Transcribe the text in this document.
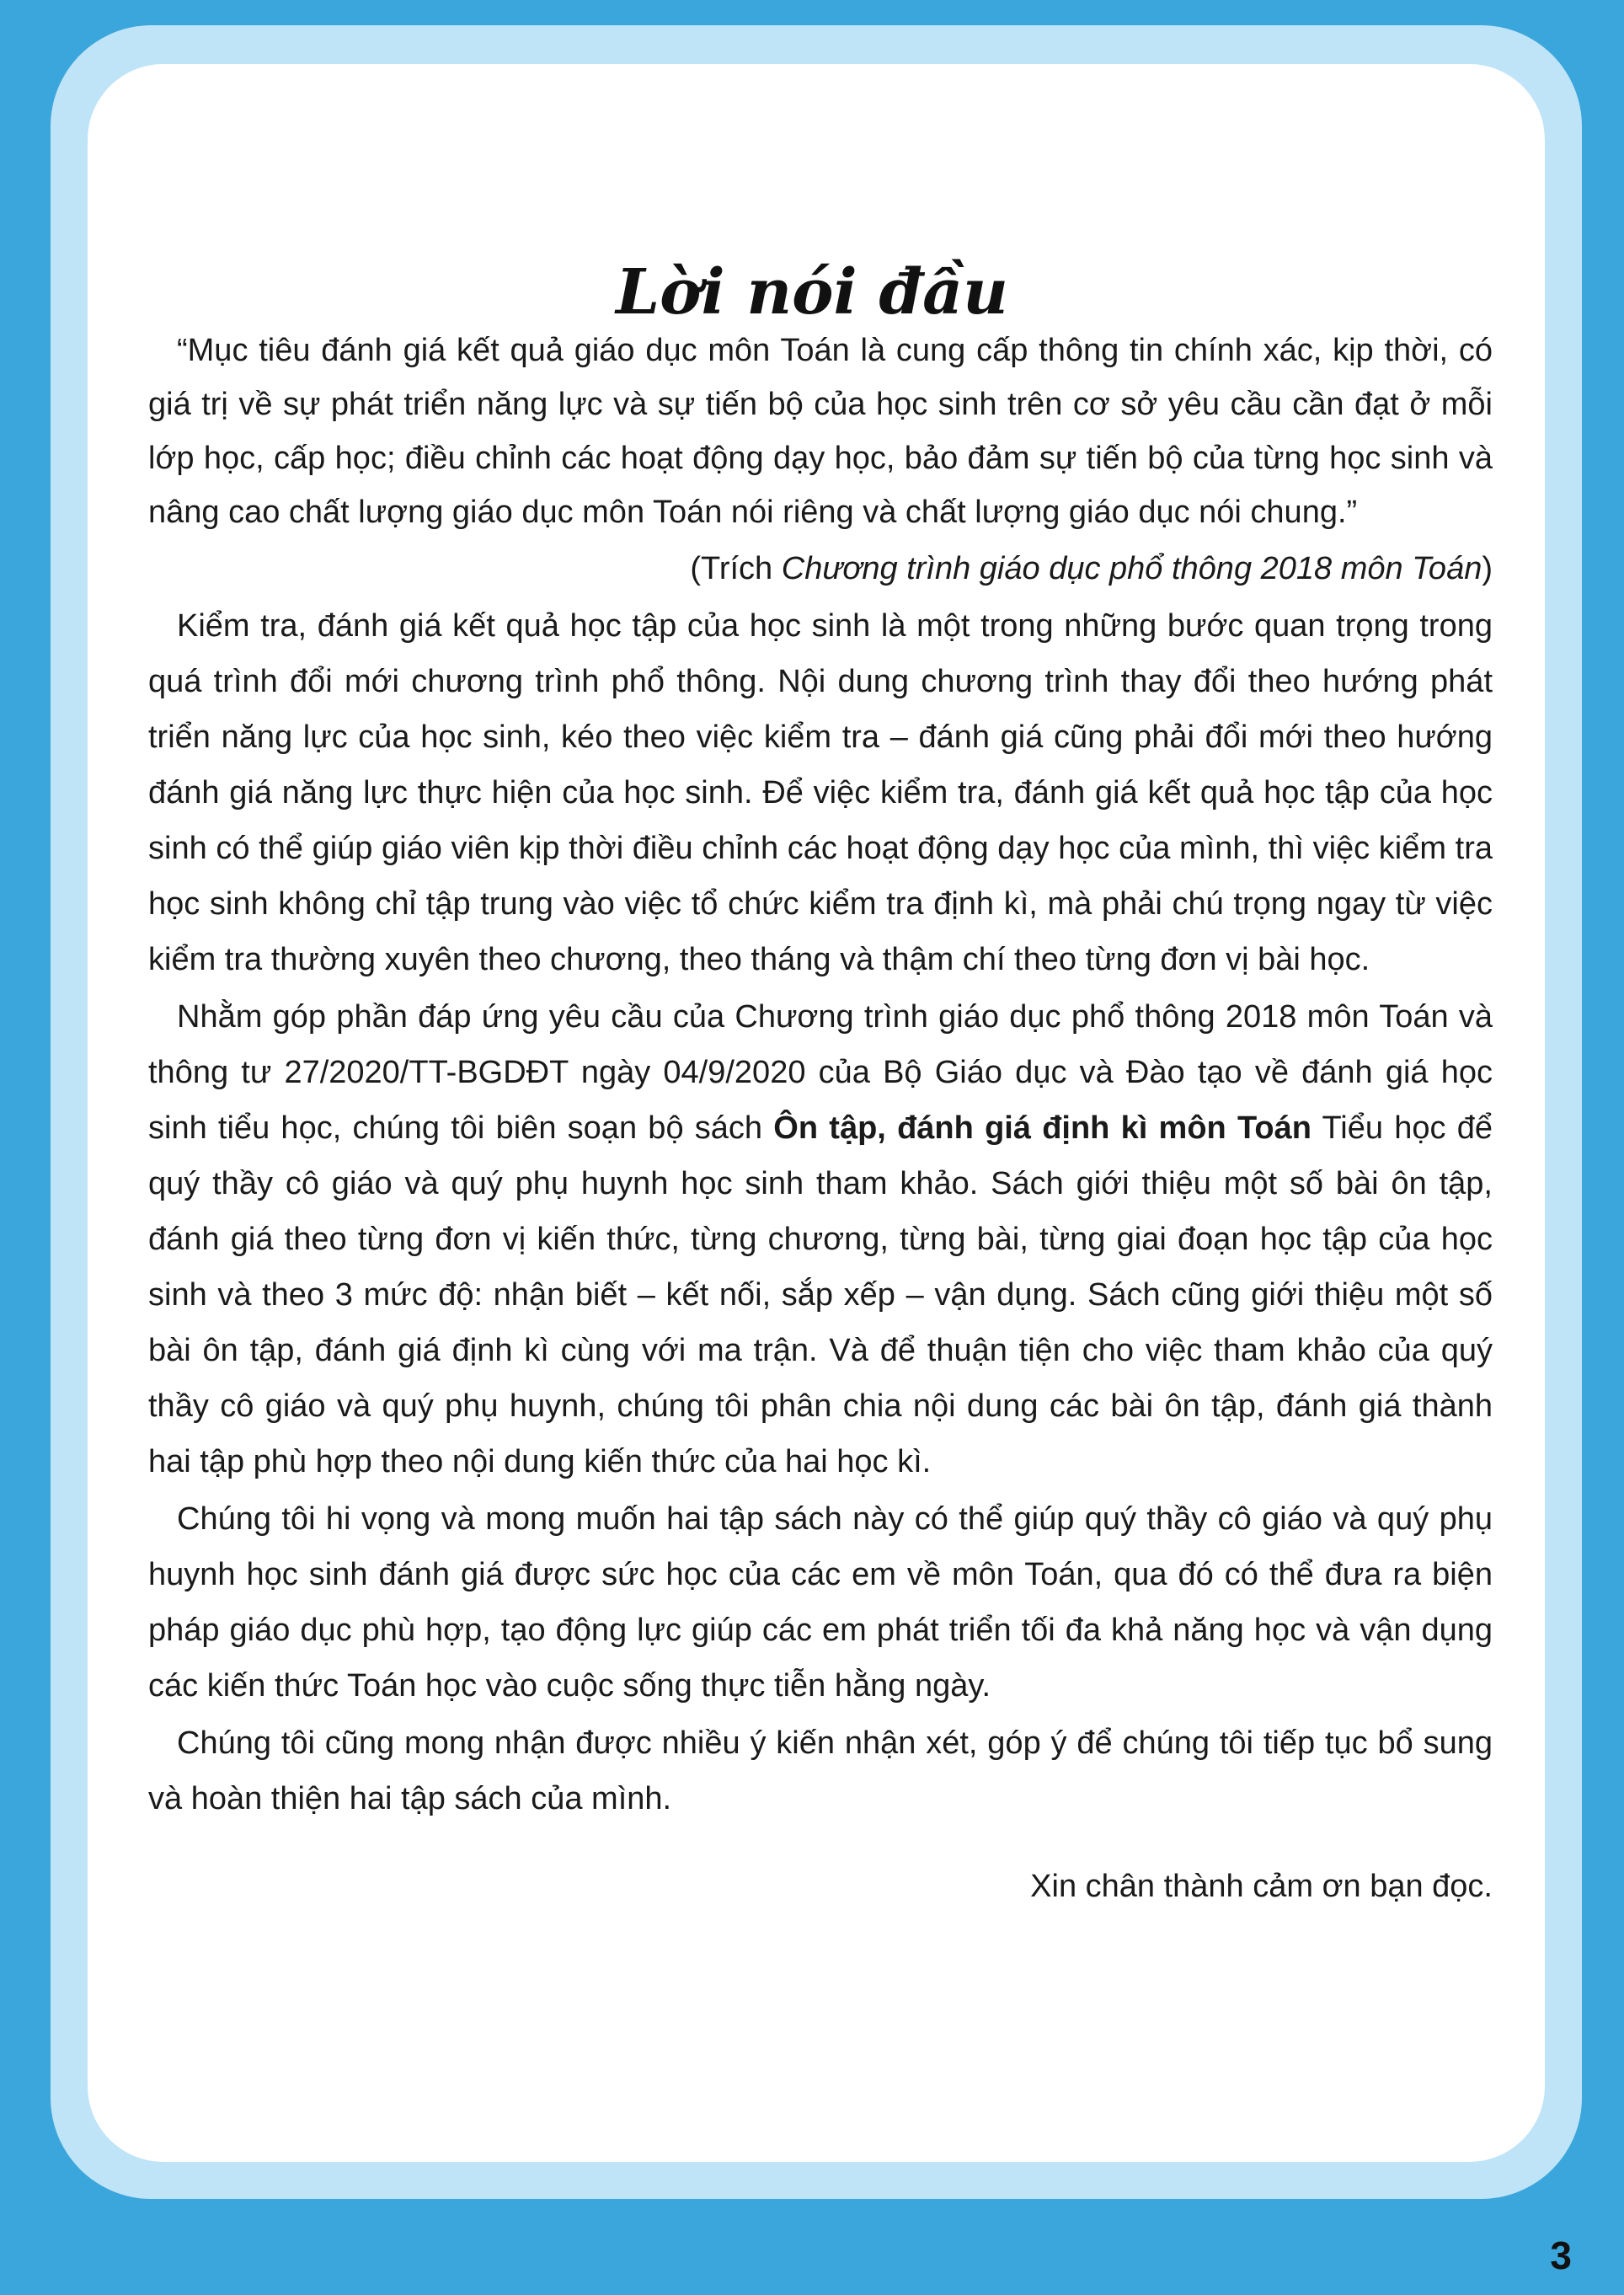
Lời nói đầu

“Mục tiêu đánh giá kết quả giáo dục môn Toán là cung cấp thông tin chính xác, kịp thời, có giá trị về sự phát triển năng lực và sự tiến bộ của học sinh trên cơ sở yêu cầu cần đạt ở mỗi lớp học, cấp học; điều chỉnh các hoạt động dạy học, bảo đảm sự tiến bộ của từng học sinh và nâng cao chất lượng giáo dục môn Toán nói riêng và chất lượng giáo dục nói chung.”

(Trích Chương trình giáo dục phổ thông 2018 môn Toán)

Kiểm tra, đánh giá kết quả học tập của học sinh là một trong những bước quan trọng trong quá trình đổi mới chương trình phổ thông. Nội dung chương trình thay đổi theo hướng phát triển năng lực của học sinh, kéo theo việc kiểm tra – đánh giá cũng phải đổi mới theo hướng đánh giá năng lực thực hiện của học sinh. Để việc kiểm tra, đánh giá kết quả học tập của học sinh có thể giúp giáo viên kịp thời điều chỉnh các hoạt động dạy học của mình, thì việc kiểm tra học sinh không chỉ tập trung vào việc tổ chức kiểm tra định kì, mà phải chú trọng ngay từ việc kiểm tra thường xuyên theo chương, theo tháng và thậm chí theo từng đơn vị bài học.

Nhằm góp phần đáp ứng yêu cầu của Chương trình giáo dục phổ thông 2018 môn Toán và thông tư 27/2020/TT-BGDĐT ngày 04/9/2020 của Bộ Giáo dục và Đào tạo về đánh giá học sinh tiểu học, chúng tôi biên soạn bộ sách Ôn tập, đánh giá định kì môn Toán Tiểu học để quý thầy cô giáo và quý phụ huynh học sinh tham khảo. Sách giới thiệu một số bài ôn tập, đánh giá theo từng đơn vị kiến thức, từng chương, từng bài, từng giai đoạn học tập của học sinh và theo 3 mức độ: nhận biết – kết nối, sắp xếp – vận dụng. Sách cũng giới thiệu một số bài ôn tập, đánh giá định kì cùng với ma trận. Và để thuận tiện cho việc tham khảo của quý thầy cô giáo và quý phụ huynh, chúng tôi phân chia nội dung các bài ôn tập, đánh giá thành hai tập phù hợp theo nội dung kiến thức của hai học kì.

Chúng tôi hi vọng và mong muốn hai tập sách này có thể giúp quý thầy cô giáo và quý phụ huynh học sinh đánh giá được sức học của các em về môn Toán, qua đó có thể đưa ra biện pháp giáo dục phù hợp, tạo động lực giúp các em phát triển tối đa khả năng học và vận dụng các kiến thức Toán học vào cuộc sống thực tiễn hằng ngày.

Chúng tôi cũng mong nhận được nhiều ý kiến nhận xét, góp ý để chúng tôi tiếp tục bổ sung và hoàn thiện hai tập sách của mình.

Xin chân thành cảm ơn bạn đọc.

3
